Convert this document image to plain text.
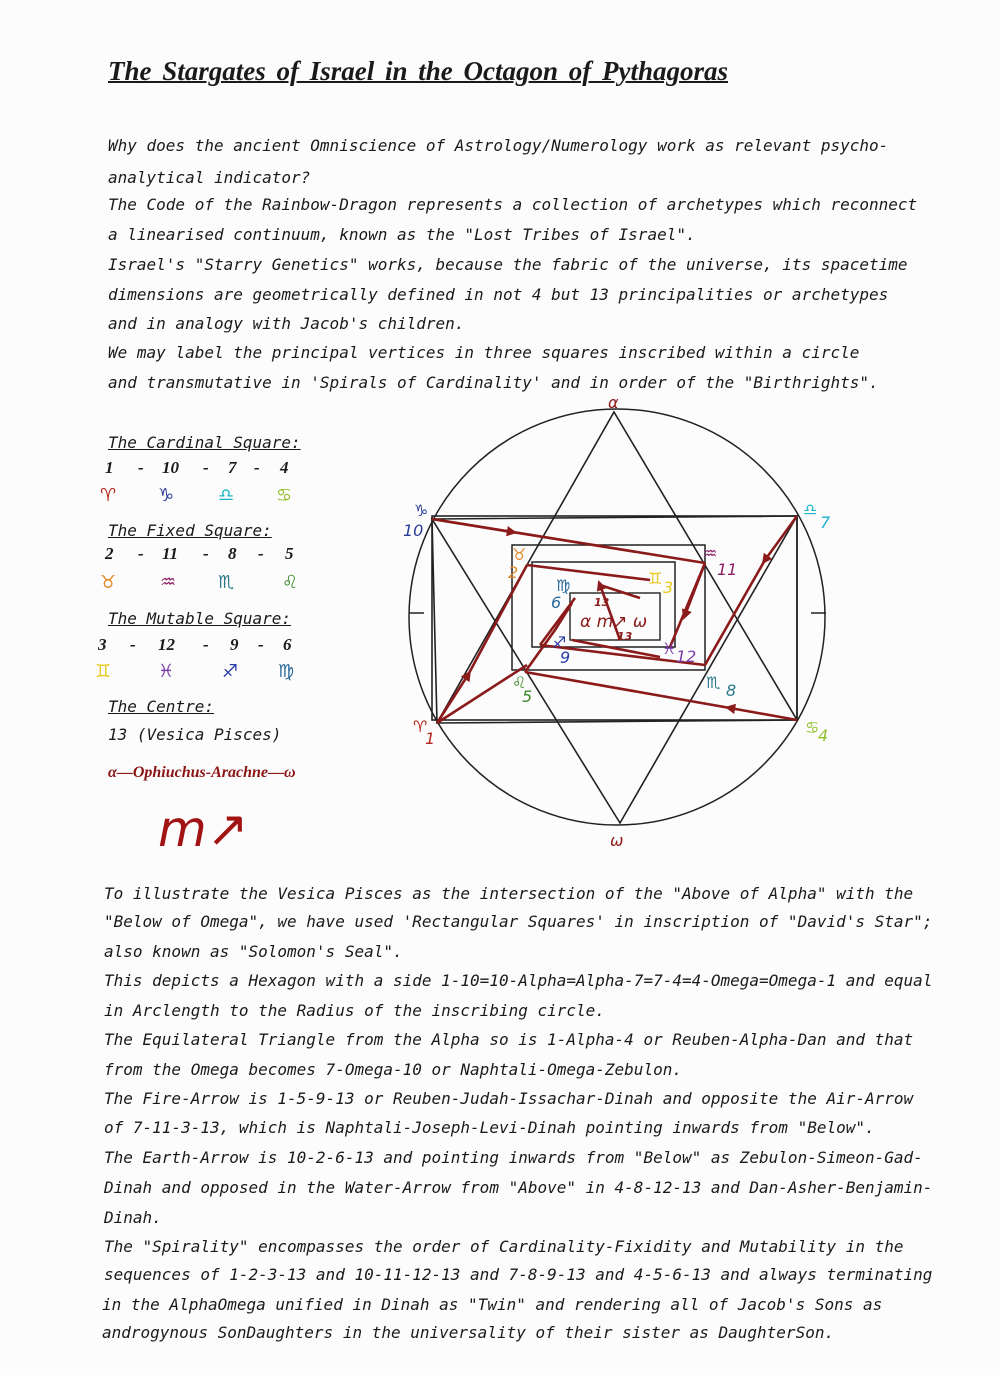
The Stargates of Israel in the Octagon of Pythagoras
Why does the ancient Omniscience of Astrology/Numerology work as relevant psycho-
analytical indicator?
The Code of the Rainbow-Dragon represents a collection of archetypes which reconnect
a linearised continuum, known as the "Lost Tribes of Israel".
Israel's "Starry Genetics" works, because the fabric of the universe, its spacetime
dimensions are geometrically defined in not 4 but 13 principalities or archetypes
and in analogy with Jacob's children.
We may label the principal vertices in three squares inscribed within a circle
and transmutative in 'Spirals of Cardinality' and in order of the "Birthrights".
The Cardinal Square:
1 - 10 - 7 - 4
♈ ♑ ♎ ♋
The Fixed Square:
2 - 11 - 8 - 5
♉ ♒ ♏	♌
The Mutable Square:
3 - 12 - 9 - 6
♊	♓	♐ ♍
The Centre:
13 (Vesica Pisces)
α—Ophiuchus-Arachne—ω
m↗
α
ω
♑
10
♎
7
♒
11
♉
2	♊ 3
♍
6
♓ 12
♐
9
♌
5
♏ 8
♈
1
♋
4
13
13
α m↗ ω
To illustrate the Vesica Pisces as the intersection of the "Above of Alpha" with the
"Below of Omega", we have used 'Rectangular Squares' in inscription of "David's Star";
also known as "Solomon's Seal".
This depicts a Hexagon with a side 1-10=10-Alpha=Alpha-7=7-4=4-Omega=Omega-1 and equal
in Arclength to the Radius of the inscribing circle.
The Equilateral Triangle from the Alpha so is 1-Alpha-4 or Reuben-Alpha-Dan and that
from the Omega becomes 7-Omega-10 or Naphtali-Omega-Zebulon.
The Fire-Arrow is 1-5-9-13 or Reuben-Judah-Issachar-Dinah and opposite the Air-Arrow
of 7-11-3-13, which is Naphtali-Joseph-Levi-Dinah pointing inwards from "Below".
The Earth-Arrow is 10-2-6-13 and pointing inwards from "Below" as Zebulon-Simeon-Gad-
Dinah and opposed in the Water-Arrow from "Above" in 4-8-12-13 and Dan-Asher-Benjamin-
Dinah.
The "Spirality" encompasses the order of Cardinality-Fixidity and Mutability in the
sequences of 1-2-3-13 and 10-11-12-13 and 7-8-9-13 and 4-5-6-13 and always terminating
in the AlphaOmega unified in Dinah as "Twin" and rendering all of Jacob's Sons as
androgynous SonDaughters in the universality of their sister as DaughterSon.
